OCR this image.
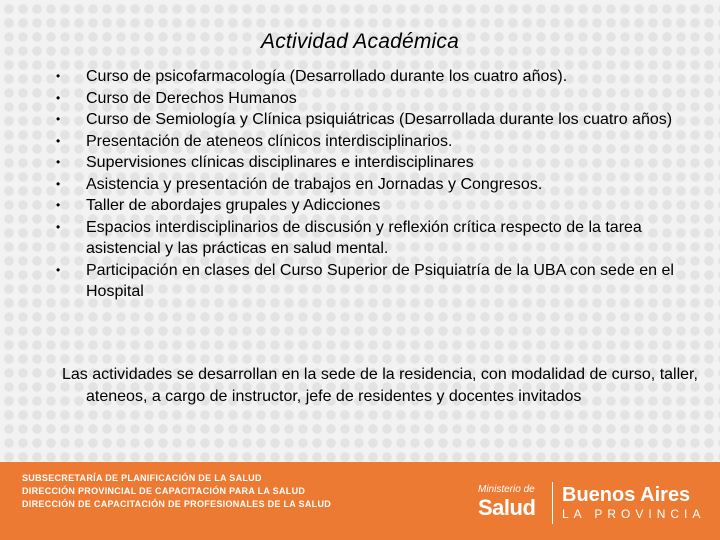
Actividad Académica
• Curso de psicofarmacología (Desarrollado durante los cuatro años).
• Curso de Derechos Humanos
• Curso de Semiología y Clínica psiquiátricas (Desarrollada durante los cuatro años)
• Presentación de ateneos clínicos interdisciplinarios.
• Supervisiones clínicas disciplinares e interdisciplinares
• Asistencia y presentación de trabajos en Jornadas y Congresos.
• Taller de abordajes grupales y Adicciones
• Espacios interdisciplinarios de discusión y reflexión crítica respecto de la tarea asistencial y las prácticas en salud mental.
• Participación en clases del Curso Superior de Psiquiatría de la UBA con sede en el Hospital

Las actividades se desarrollan en la sede de la residencia, con modalidad de curso, taller, ateneos, a cargo de instructor, jefe de residentes y docentes invitados

SUBSECRETARÍA DE PLANIFICACIÓN DE LA SALUD
DIRECCIÓN PROVINCIAL DE CAPACITACIÓN PARA LA SALUD
DIRECCIÓN DE CAPACITACIÓN DE PROFESIONALES DE LA SALUD
Ministerio de
Salud Buenos Aires
LA PROVINCIA
